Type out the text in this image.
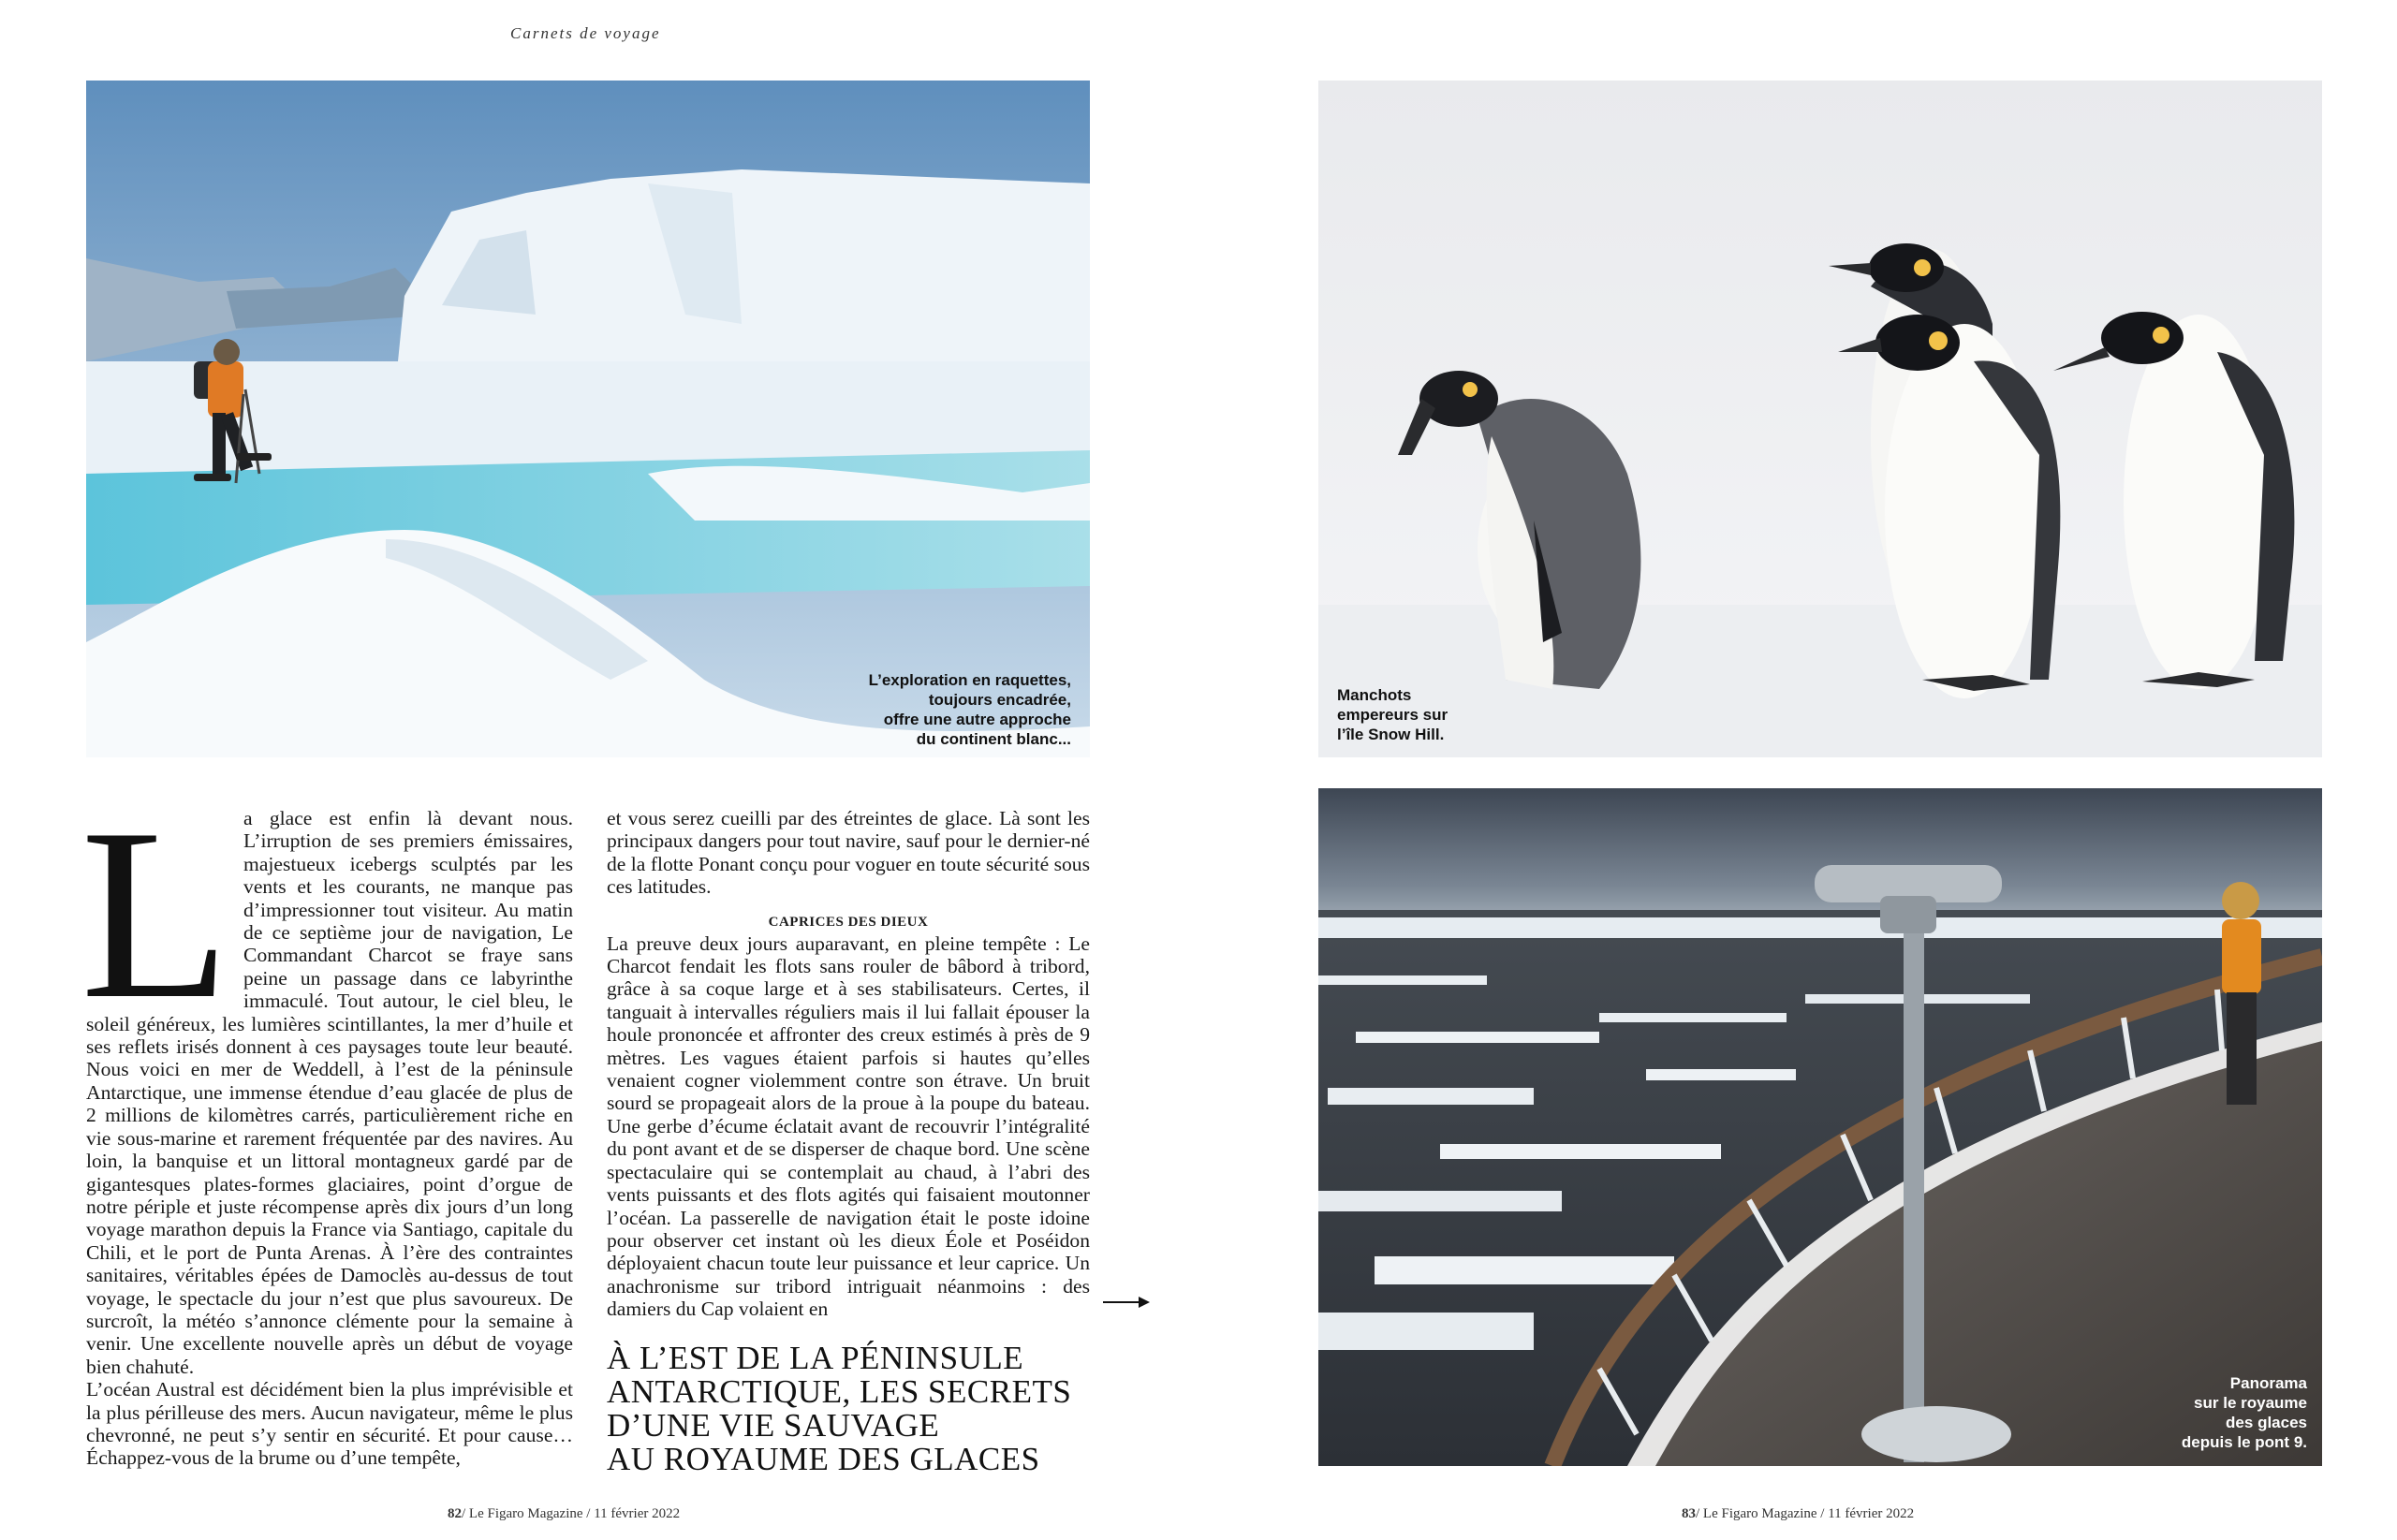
Carnets de voyage
L’exploration en raquettes,
toujours encadrée,
offre une autre approche
du continent blanc...
Manchots
empereurs sur
l’île Snow Hill.
Panorama
sur le royaume
des glaces
depuis le pont 9.
L a glace est enfin là devant nous. L’irruption de ses premiers émissaires, majestueux icebergs sculptés par les vents et les courants, ne manque pas d’impressionner tout visiteur. Au matin de ce septième jour de navigation, Le Commandant Charcot se fraye sans peine un passage dans ce labyrinthe immaculé. Tout autour, le ciel bleu, le soleil généreux, les lumières scintillantes, la mer d’huile et ses reflets irisés donnent à ces paysages toute leur beauté. Nous voici en mer de Weddell, à l’est de la péninsule Antarctique, une immense étendue d’eau glacée de plus de 2 millions de kilomètres carrés, particulièrement riche en vie sous-marine et rarement fréquentée par des navires. Au loin, la banquise et un littoral montagneux gardé par de gigantesques plates-formes glaciaires, point d’orgue de notre périple et juste récompense après dix jours d’un long voyage marathon depuis la France via Santiago, capitale du Chili, et le port de Punta Arenas. À l’ère des contraintes sanitaires, véritables épées de Damoclès au-dessus de tout voyage, le spectacle du jour n’est que plus savoureux. De surcroît, la météo s’annonce clémente pour la semaine à venir. Une excellente nouvelle après un début de voyage bien chahuté.

L’océan Austral est décidément bien la plus imprévisible et la plus périlleuse des mers. Aucun navigateur, même le plus chevronné, ne peut s’y sentir en sécurité. Et pour cause… Échappez-vous de la brume ou d’une tempête,

et vous serez cueilli par des étreintes de glace. Là sont les principaux dangers pour tout navire, sauf pour le dernier-né de la flotte Ponant conçu pour voguer en toute sécurité sous ces latitudes.

CAPRICES DES DIEUX

La preuve deux jours auparavant, en pleine tempête : Le Charcot fendait les flots sans rouler de bâbord à tribord, grâce à sa coque large et à ses stabilisateurs. Certes, il tanguait à intervalles réguliers mais il lui fallait épouser la houle prononcée et affronter des creux estimés à près de 9 mètres. Les vagues étaient parfois si hautes qu’elles venaient cogner violemment contre son étrave. Un bruit sourd se propageait alors de la proue à la poupe du bateau. Une gerbe d’écume éclatait avant de recouvrir l’intégralité du pont avant et de se disperser de chaque bord. Une scène spectaculaire qui se contemplait au chaud, à l’abri des vents puissants et des flots agités qui faisaient moutonner l’océan. La passerelle de navigation était le poste idoine pour observer cet instant où les dieux Éole et Poséidon déployaient chacun toute leur puissance et leur caprice. Un anachronisme sur tribord intriguait néanmoins : des damiers du Cap volaient en

À L’EST DE LA PÉNINSULE
ANTARCTIQUE, LES SECRETS
D’UNE VIE SAUVAGE
AU ROYAUME DES GLACES
82/ Le Figaro Magazine / 11 février 2022	83/ Le Figaro Magazine / 11 février 2022
